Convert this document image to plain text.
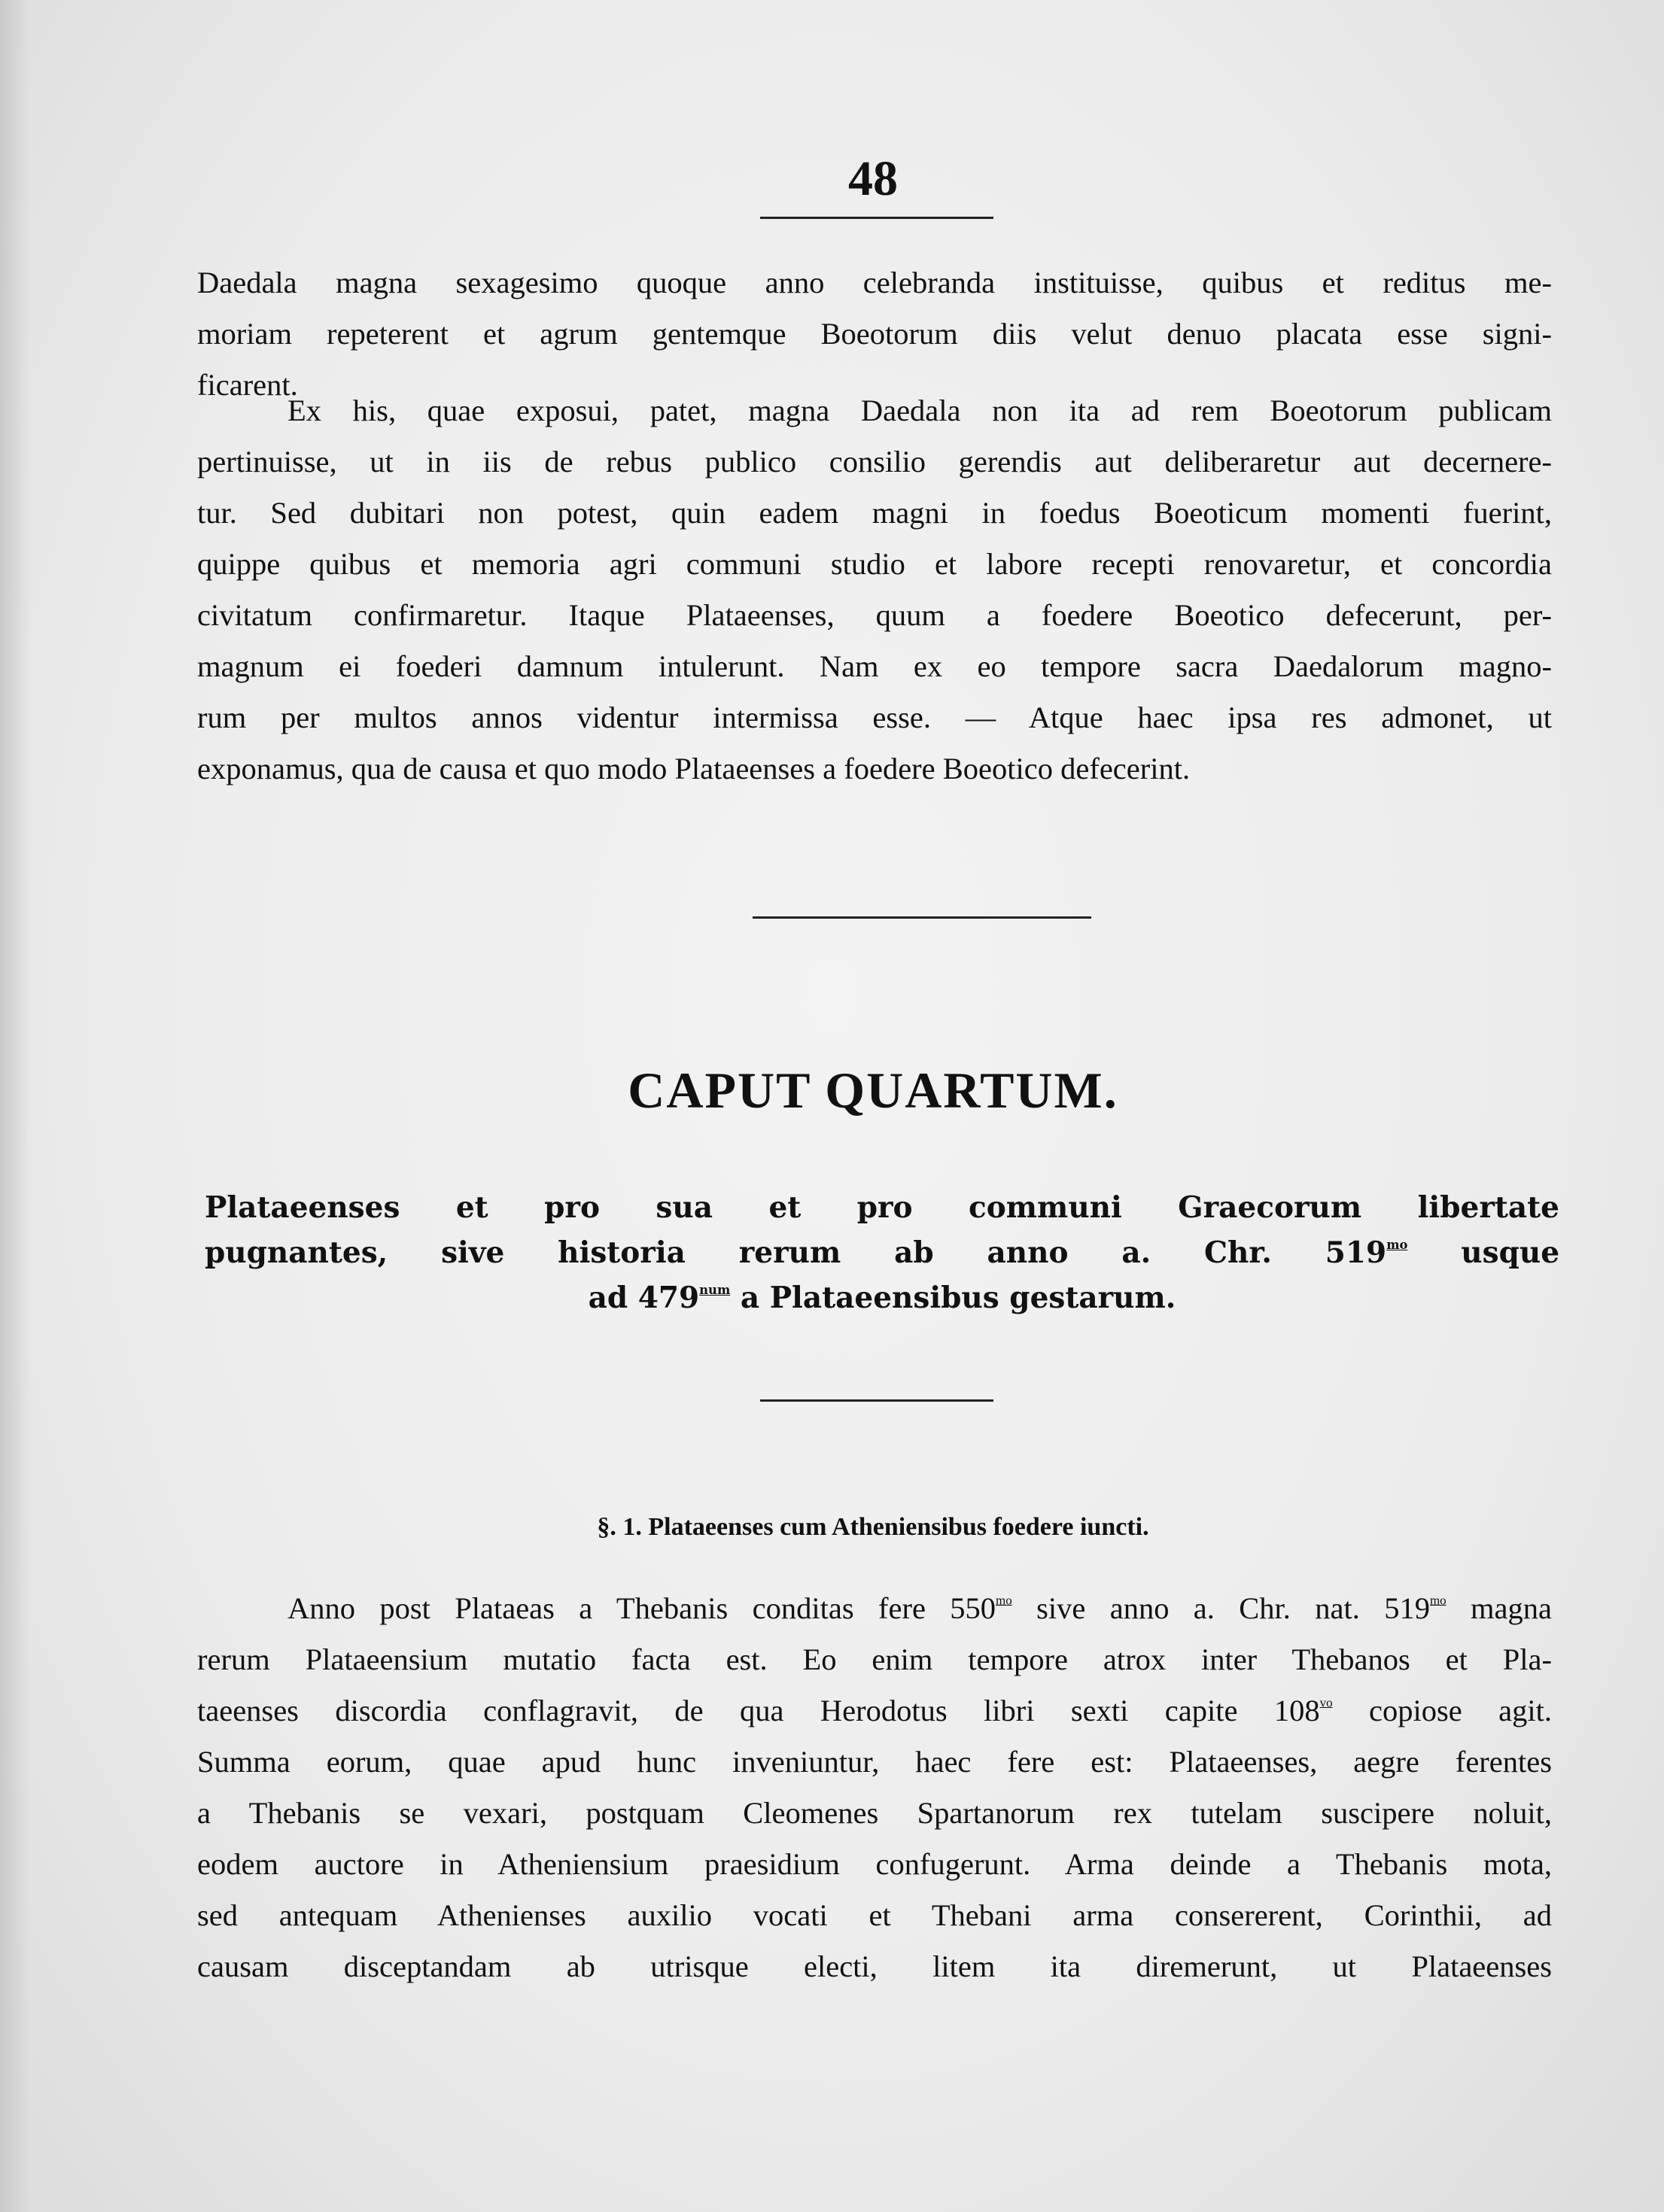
48
Daedala magna sexagesimo quoque anno celebranda instituisse, quibus et reditus me-
moriam repeterent et agrum gentemque Boeotorum diis velut denuo placata esse signi-
ficarent.
Ex his, quae exposui, patet, magna Daedala non ita ad rem Boeotorum publicam
pertinuisse, ut in iis de rebus publico consilio gerendis aut deliberaretur aut decernere-
tur. Sed dubitari non potest, quin eadem magni in foedus Boeoticum momenti fuerint,
quippe quibus et memoria agri communi studio et labore recepti renovaretur, et concordia
civitatum confirmaretur. Itaque Plataeenses, quum a foedere Boeotico defecerunt, per-
magnum ei foederi damnum intulerunt. Nam ex eo tempore sacra Daedalorum magno-
rum per multos annos videntur intermissa esse. — Atque haec ipsa res admonet, ut
exponamus, qua de causa et quo modo Plataeenses a foedere Boeotico defecerint.
CAPUT QUARTUM.
Plataeenses et pro sua et pro communi Graecorum libertate
pugnantes, sive historia rerum ab anno a. Chr. $519^{mo}$ usque
ad $479^{num}$ a Plataeensibus gestarum.
§. 1. Plataeenses cum Atheniensibus foedere iuncti.
Anno post Plataeas a Thebanis conditas fere $550^{mo}$ sive anno a. Chr. nat. $519^{mo}$ magna
rerum Plataeensium mutatio facta est. Eo enim tempore atrox inter Thebanos et Pla-
taeenses discordia conflagravit, de qua Herodotus libri sexti capite $108^{vo}$ copiose agit.
Summa eorum, quae apud hunc inveniuntur, haec fere est: Plataeenses, aegre ferentes
a Thebanis se vexari, postquam Cleomenes Spartanorum rex tutelam suscipere noluit,
eodem auctore in Atheniensium praesidium confugerunt. Arma deinde a Thebanis mota,
sed antequam Athenienses auxilio vocati et Thebani arma consererent, Corinthii, ad
causam disceptandam ab utrisque electi, litem ita diremerunt, ut Plataeenses
